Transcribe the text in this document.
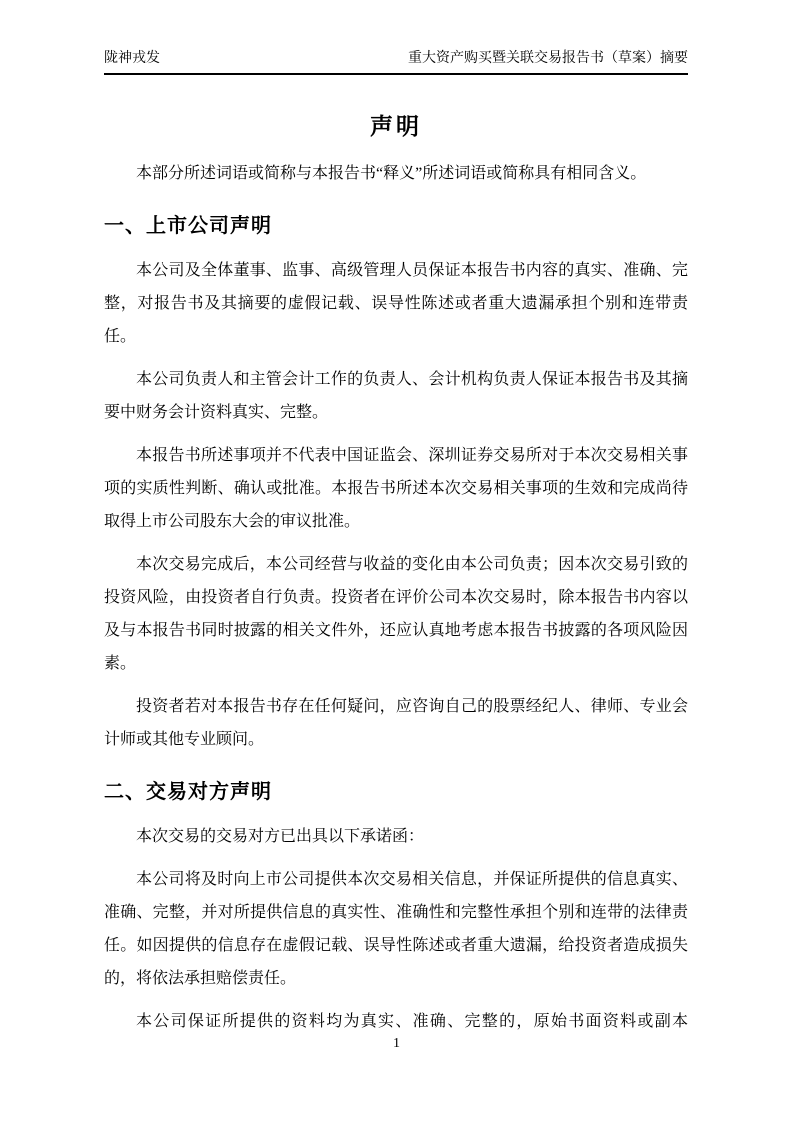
陇神戎发	重大资产购买暨关联交易报告书（草案）摘要
声明

本部分所述词语或简称与本报告书“释义”所述词语或简称具有相同含义。

一、上市公司声明

本公司及全体董事、监事、高级管理人员保证本报告书内容的真实、准确、完整，对报告书及其摘要的虚假记载、误导性陈述或者重大遗漏承担个别和连带责任。

本公司负责人和主管会计工作的负责人、会计机构负责人保证本报告书及其摘要中财务会计资料真实、完整。

本报告书所述事项并不代表中国证监会、深圳证券交易所对于本次交易相关事项的实质性判断、确认或批准。本报告书所述本次交易相关事项的生效和完成尚待取得上市公司股东大会的审议批准。

本次交易完成后，本公司经营与收益的变化由本公司负责；因本次交易引致的投资风险，由投资者自行负责。投资者在评价公司本次交易时，除本报告书内容以及与本报告书同时披露的相关文件外，还应认真地考虑本报告书披露的各项风险因素。

投资者若对本报告书存在任何疑问，应咨询自己的股票经纪人、律师、专业会计师或其他专业顾问。

二、交易对方声明

本次交易的交易对方已出具以下承诺函：

本公司将及时向上市公司提供本次交易相关信息，并保证所提供的信息真实、准确、完整，并对所提供信息的真实性、准确性和完整性承担个别和连带的法律责任。如因提供的信息存在虚假记载、误导性陈述或者重大遗漏，给投资者造成损失的，将依法承担赔偿责任。

本公司保证所提供的资料均为真实、准确、完整的，原始书面资料或副本

1
